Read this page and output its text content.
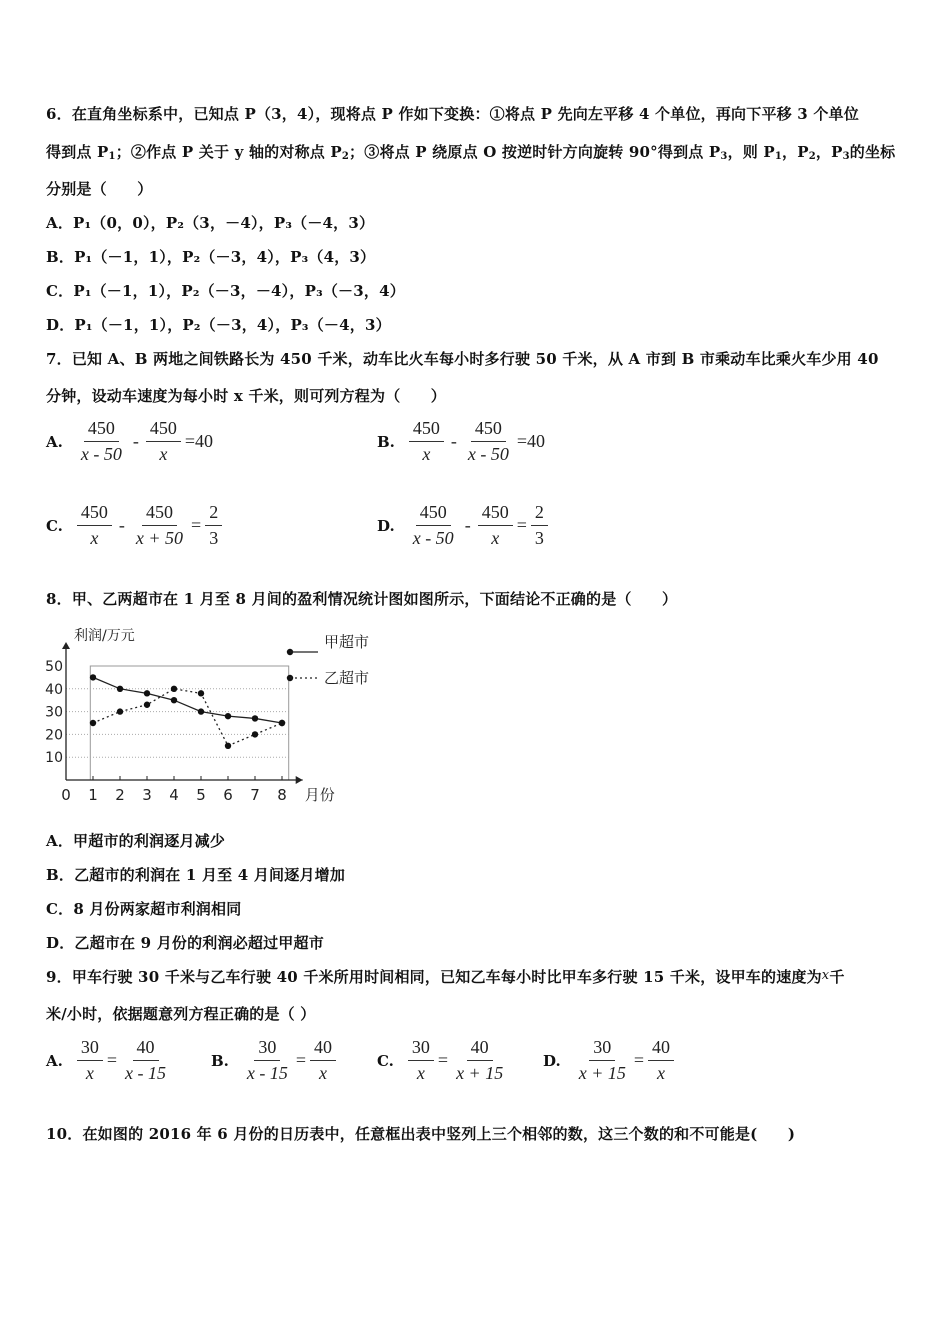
6．在直角坐标系中，已知点 P（3，4），现将点 P 作如下变换：①将点 P 先向左平移 4 个单位，再向下平移 3 个单位
得到点 $P_1$；②作点 P 关于 y 轴的对称点 $P_2$；③将点 P 绕原点 O 按逆时针方向旋转 90°得到点 $P_3$，则 $P_1$，$P_2$，$P_3$的坐标
分别是（　　）
A．P₁（0，0），P₂（3，－4），P₃（－4，3）
B．P₁（－1，1），P₂（－3，4），P₃（4，3）
C．P₁（－1，1），P₂（－3，－4），P₃（－3，4）
D．P₁（－1，1），P₂（－3，4），P₃（－4，3）
7．已知 A、B 两地之间铁路长为 450 千米，动车比火车每小时多行驶 50 千米，从 A 市到 B 市乘动车比乘火车少用 40
分钟，设动车速度为每小时 x 千米，则可列方程为（　　）
A. $\frac{450}{x - 50} - \frac{450}{x} =40$	B. $\frac{450}{x} - \frac{450}{x - 50} =40$
C. $\frac{450}{x} - \frac{450}{x + 50} = \frac{2}{3}$	D. $\frac{450}{x - 50} - \frac{450}{x} = \frac{2}{3}$
8．甲、乙两超市在 1 月至 8 月间的盈利情况统计图如图所示，下面结论不正确的是（　　）
10
20
30
40
50
0 1 2 3 4 5 6 7 8 月份
利润/万元	甲超市
乙超市
A．甲超市的利润逐月减少
B．乙超市的利润在 1 月至 4 月间逐月增加
C．8 月份两家超市利润相同
D．乙超市在 9 月份的利润必超过甲超市
9．甲车行驶 30 千米与乙车行驶 40 千米所用时间相同，已知乙车每小时比甲车多行驶 15 千米，设甲车的速度为x千
米/小时，依据题意列方程正确的是（ ）
A. $\frac{30}{x} = \frac{40}{x - 15}$	B. $\frac{30}{x - 15} = \frac{40}{x}$	C. $\frac{30}{x} = \frac{40}{x + 15} D$. $\frac{30}{x + 15} = \frac{40}{x}$
10．在如图的 2016 年 6 月份的日历表中，任意框出表中竖列上三个相邻的数，这三个数的和不可能是(　　)
